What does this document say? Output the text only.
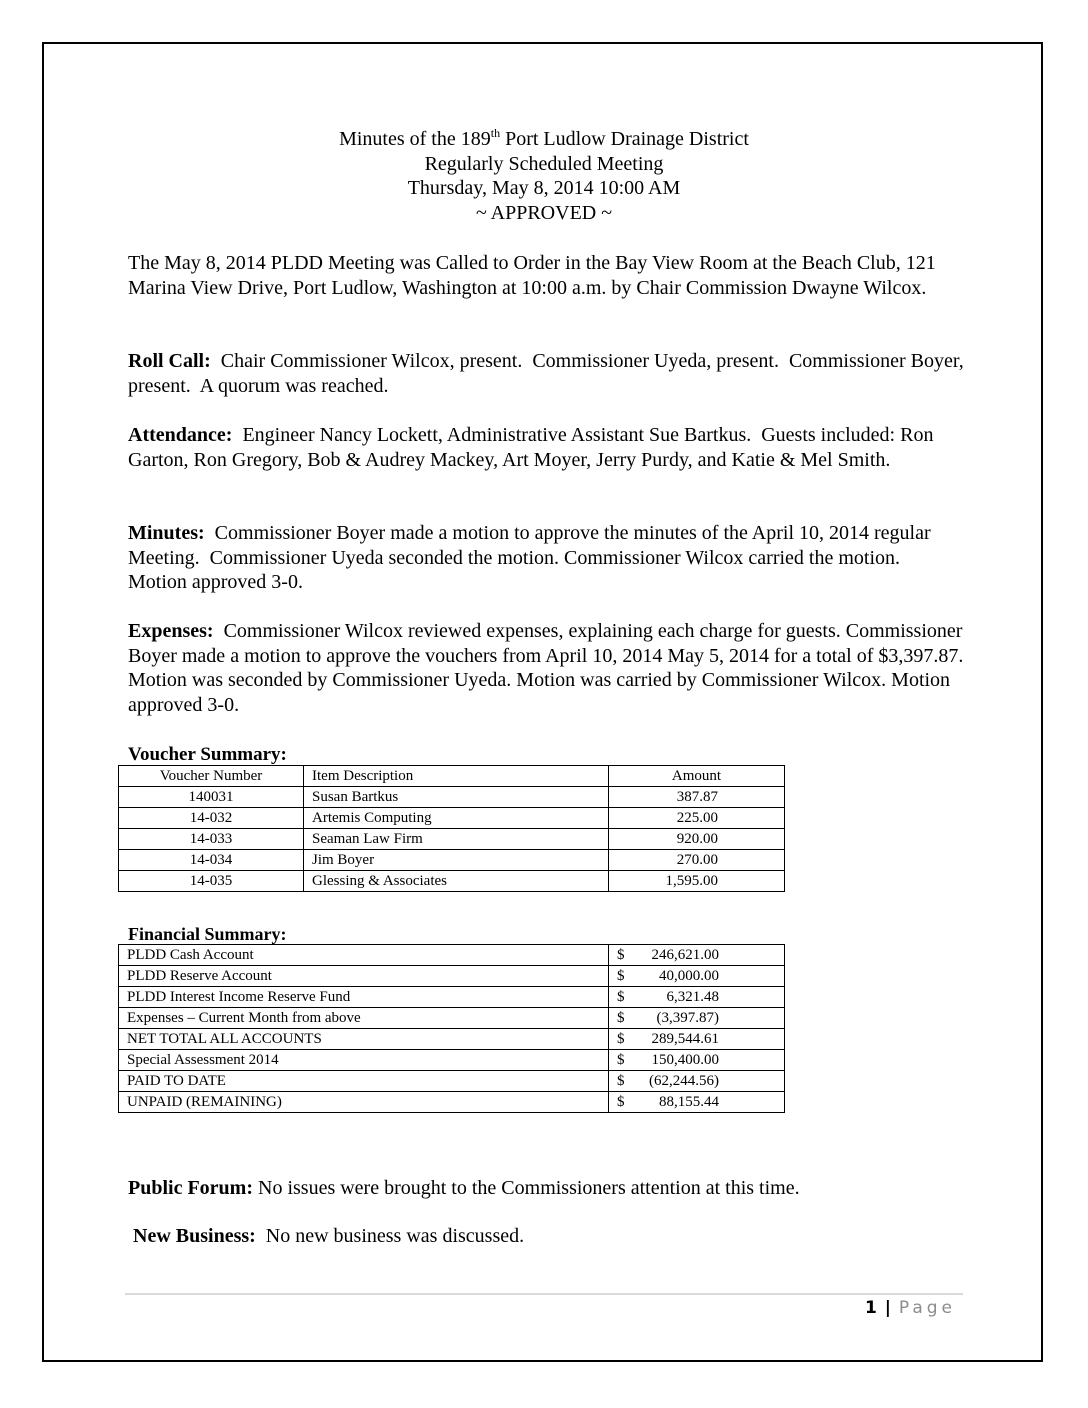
Minutes of the 189th Port Ludlow Drainage District
Regularly Scheduled Meeting
Thursday, May 8, 2014 10:00 AM
~ APPROVED ~
The May 8, 2014 PLDD Meeting was Called to Order in the Bay View Room at the Beach Club, 121 Marina View Drive, Port Ludlow, Washington at 10:00 a.m. by Chair Commission Dwayne Wilcox.
Roll Call:  Chair Commissioner Wilcox, present.  Commissioner Uyeda, present.  Commissioner Boyer, present.  A quorum was reached.
Attendance:  Engineer Nancy Lockett, Administrative Assistant Sue Bartkus.  Guests included: Ron Garton, Ron Gregory, Bob & Audrey Mackey, Art Moyer, Jerry Purdy, and Katie & Mel Smith.
Minutes:  Commissioner Boyer made a motion to approve the minutes of the April 10, 2014 regular Meeting.  Commissioner Uyeda seconded the motion. Commissioner Wilcox carried the motion.  Motion approved 3-0.
Expenses:  Commissioner Wilcox reviewed expenses, explaining each charge for guests. Commissioner Boyer made a motion to approve the vouchers from April 10, 2014 May 5, 2014 for a total of $3,397.87.   Motion was seconded by Commissioner Uyeda. Motion was carried by Commissioner Wilcox. Motion approved 3-0.
Voucher Summary:
Voucher Number	Item Description	Amount
140031	Susan Bartkus	387.87
14-032	Artemis Computing	225.00
14-033	Seaman Law Firm	920.00
14-034	Jim Boyer	270.00
14-035	Glessing & Associates	1,595.00
Financial Summary:
PLDD Cash Account	$ 246,621.00
PLDD Reserve Account	$ 40,000.00
PLDD Interest Income Reserve Fund	$ 6,321.48
Expenses – Current Month from above	$ (3,397.87)
NET TOTAL ALL ACCOUNTS	$ 289,544.61
Special Assessment 2014	$ 150,400.00
PAID TO DATE	$ (62,244.56)
UNPAID (REMAINING)	$ 88,155.44
Public Forum: No issues were brought to the Commissioners attention at this time.
New Business:  No new business was discussed.
1 | Page
